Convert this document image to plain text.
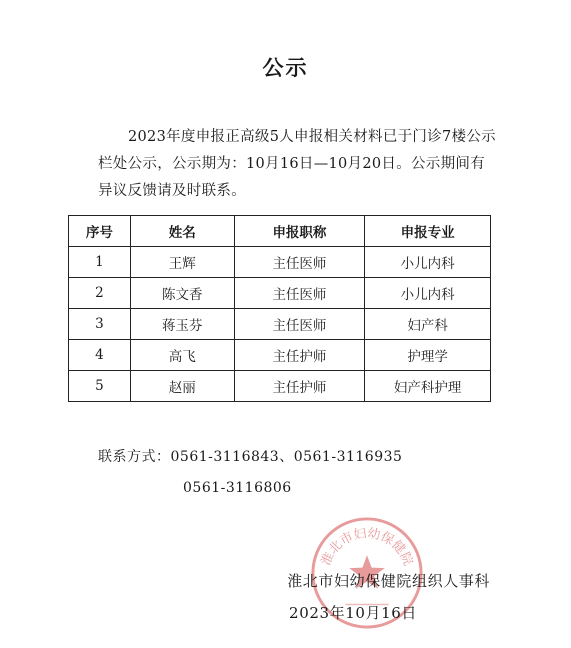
公示
2023年度申报正高级5人申报相关材料已于门诊7楼公示栏处公示，公示期为：10月16日—10月20日。公示期间有异议反馈请及时联系。
序号	姓名	申报职称	申报专业
1	王辉	主任医师	小儿内科
2	陈文香	主任医师	小儿内科
3	蒋玉芬	主任医师	妇产科
4	高飞	主任护师	护理学
5	赵丽	主任护师	妇产科护理
联系方式：0561-3116843、0561-3116935
0561-3116806
淮北市妇幼保健院
淮北市妇幼保健院组织人事科
2023年10月16日
